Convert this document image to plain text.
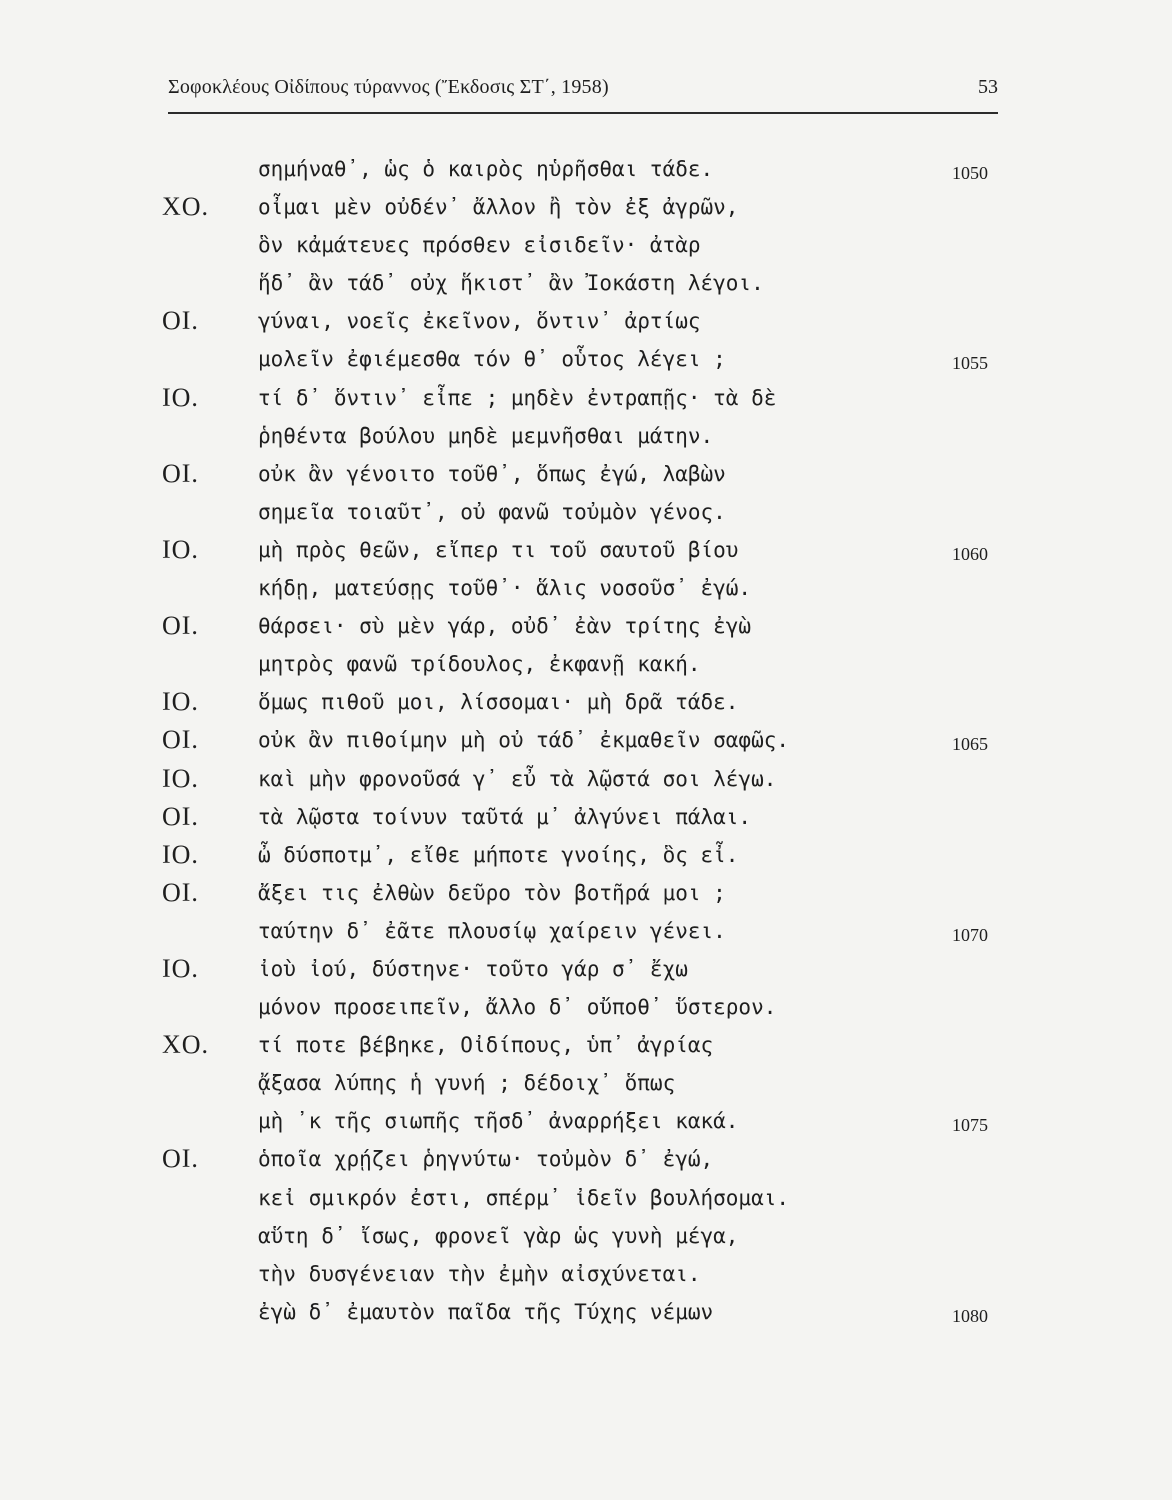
Σοφοκλέους Οἰδίπους τύραννος (Ἔκδοσις ΣΤ΄, 1958)	53
σημήναθ᾽, ὡς ὁ καιρὸς ηὑρῆσθαι τάδε.	1050
ΧΟ. οἶμαι μὲν οὐδέν᾽ ἄλλον ἢ τὸν ἐξ ἀγρῶν,
ὃν κἀμάτευες πρόσθεν εἰσιδεῖν· ἀτὰρ
ἥδ᾽ ἂν τάδ᾽ οὐχ ἥκιστ᾽ ἂν Ἰοκάστη λέγοι.
ΟΙ.	γύναι, νοεῖς ἐκεῖνον, ὅντιν᾽ ἀρτίως
μολεῖν ἐφιέμεσθα τόν θ᾽ οὗτος λέγει ;	1055
ΙΟ.	τί δ᾽ ὅντιν᾽ εἶπε ; μηδὲν ἐντραπῇς· τὰ δὲ
ῥηθέντα βούλου μηδὲ μεμνῆσθαι μάτην.
ΟΙ.	οὐκ ἂν γένοιτο τοῦθ᾽, ὅπως ἐγώ, λαβὼν
σημεῖα τοιαῦτ᾽, οὐ φανῶ τοὐμὸν γένος.
ΙΟ.	μὴ πρὸς θεῶν, εἴπερ τι τοῦ σαυτοῦ βίου	1060
κήδῃ, ματεύσῃς τοῦθ᾽· ἅλις νοσοῦσ᾽ ἐγώ.
ΟΙ.	θάρσει· σὺ μὲν γάρ, οὐδ᾽ ἐὰν τρίτης ἐγὼ
μητρὸς φανῶ τρίδουλος, ἐκφανῇ κακή.
ΙΟ.	ὅμως πιθοῦ μοι, λίσσομαι· μὴ δρᾶ τάδε.
ΟΙ.	οὐκ ἂν πιθοίμην μὴ οὐ τάδ᾽ ἐκμαθεῖν σαφῶς.	1065
ΙΟ.	καὶ μὴν φρονοῦσά γ᾽ εὖ τὰ λῷστά σοι λέγω.
ΟΙ.	τὰ λῷστα τοίνυν ταῦτά μ᾽ ἀλγύνει πάλαι.
ΙΟ.	ὦ δύσποτμ᾽, εἴθε μήποτε γνοίης, ὃς εἶ.
ΟΙ.	ἄξει τις ἐλθὼν δεῦρο τὸν βοτῆρά μοι ;
ταύτην δ᾽ ἐᾶτε πλουσίῳ χαίρειν γένει.	1070
ΙΟ.	ἰοὺ ἰού, δύστηνε· τοῦτο γάρ σ᾽ ἔχω
μόνον προσειπεῖν, ἄλλο δ᾽ οὔποθ᾽ ὕστερον.
ΧΟ. τί ποτε βέβηκε, Οἰδίπους, ὑπ᾽ ἀγρίας
ᾄξασα λύπης ἡ γυνή ; δέδοιχ᾽ ὅπως
μὴ ᾽κ τῆς σιωπῆς τῆσδ᾽ ἀναρρήξει κακά.	1075
ΟΙ.	ὁποῖα χρῄζει ῥηγνύτω· τοὐμὸν δ᾽ ἐγώ,
κεἰ σμικρόν ἐστι, σπέρμ᾽ ἰδεῖν βουλήσομαι.
αὕτη δ᾽ ἴσως, φρονεῖ γὰρ ὡς γυνὴ μέγα,
τὴν δυσγένειαν τὴν ἐμὴν αἰσχύνεται.
ἐγὼ δ᾽ ἐμαυτὸν παῖδα τῆς Τύχης νέμων	1080
